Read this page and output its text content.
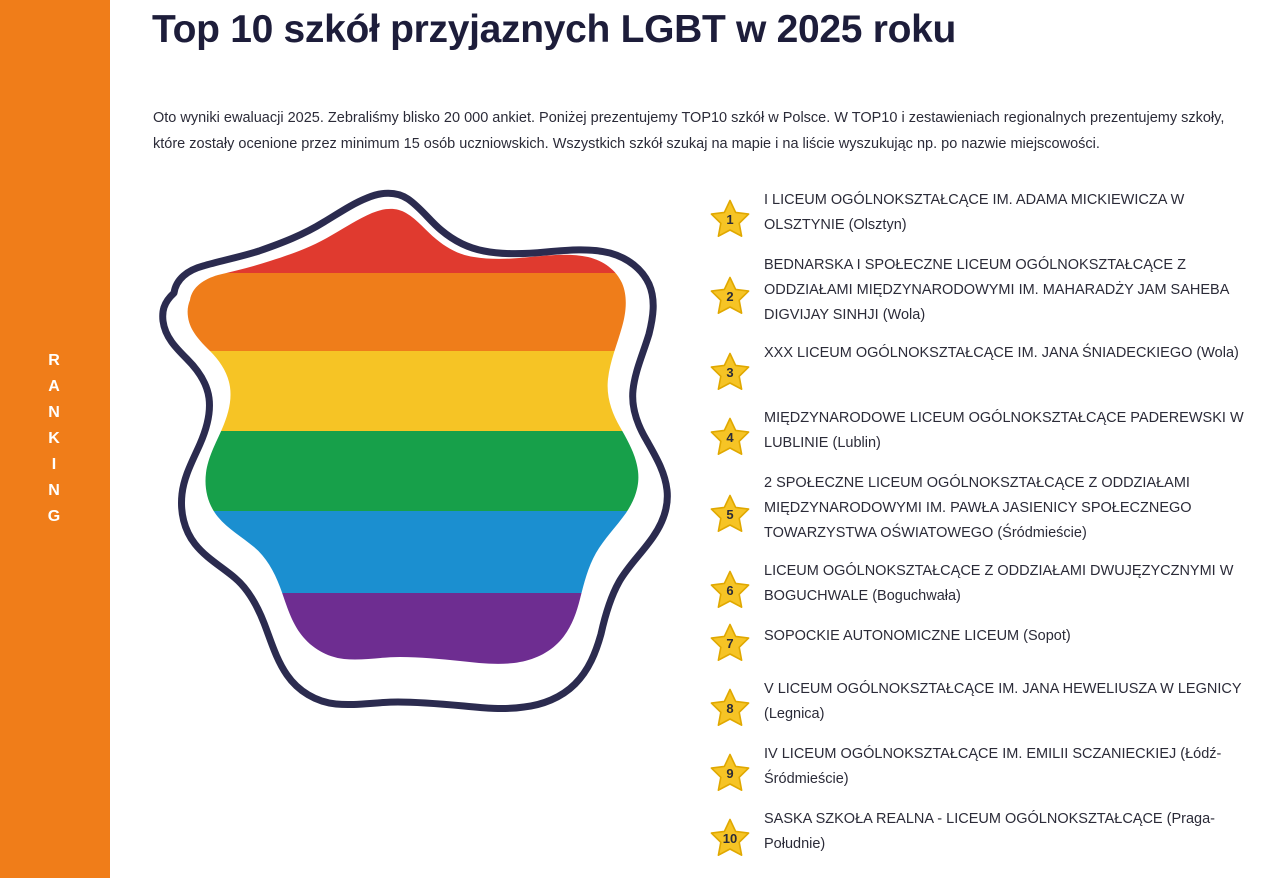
R
A
N
K
I
N
G
Top 10 szkół przyjaznych LGBT w 2025 roku

Oto wyniki ewaluacji 2025. Zebraliśmy blisko 20 000 ankiet. Poniżej prezentujemy TOP10 szkół w Polsce. W TOP10 i zestawieniach regionalnych prezentujemy szkoły, które zostały ocenione przez minimum 15 osób uczniowskich. Wszystkich szkół szukaj na mapie i na liście wyszukując np. po nazwie miejscowości.

1
I LICEUM OGÓLNOKSZTAŁCĄCE IM. ADAMA MICKIEWICZA W OLSZTYNIE (Olsztyn)
2
BEDNARSKA I SPOŁECZNE LICEUM OGÓLNOKSZTAŁCĄCE Z ODDZIAŁAMI MIĘDZYNARODOWYMI IM. MAHARADŻY JAM SAHEBA DIGVIJAY SINHJI (Wola)
3
XXX LICEUM OGÓLNOKSZTAŁCĄCE IM. JANA ŚNIADECKIEGO (Wola)
4
MIĘDZYNARODOWE LICEUM OGÓLNOKSZTAŁCĄCE PADEREWSKI W LUBLINIE (Lublin)
5
2 SPOŁECZNE LICEUM OGÓLNOKSZTAŁCĄCE Z ODDZIAŁAMI MIĘDZYNARODOWYMI IM. PAWŁA JASIENICY SPOŁECZNEGO TOWARZYSTWA OŚWIATOWEGO (Śródmieście)
6
LICEUM OGÓLNOKSZTAŁCĄCE Z ODDZIAŁAMI DWUJĘZYCZNYMI W BOGUCHWALE (Boguchwała)
7	SOPOCKIE AUTONOMICZNE LICEUM (Sopot)
8
V LICEUM OGÓLNOKSZTAŁCĄCE IM. JANA HEWELIUSZA W LEGNICY (Legnica)
9
IV LICEUM OGÓLNOKSZTAŁCĄCE IM. EMILII SCZANIECKIEJ (Łódź-Śródmieście)
10
SASKA SZKOŁA REALNA - LICEUM OGÓLNOKSZTAŁCĄCE (Praga-Południe)
